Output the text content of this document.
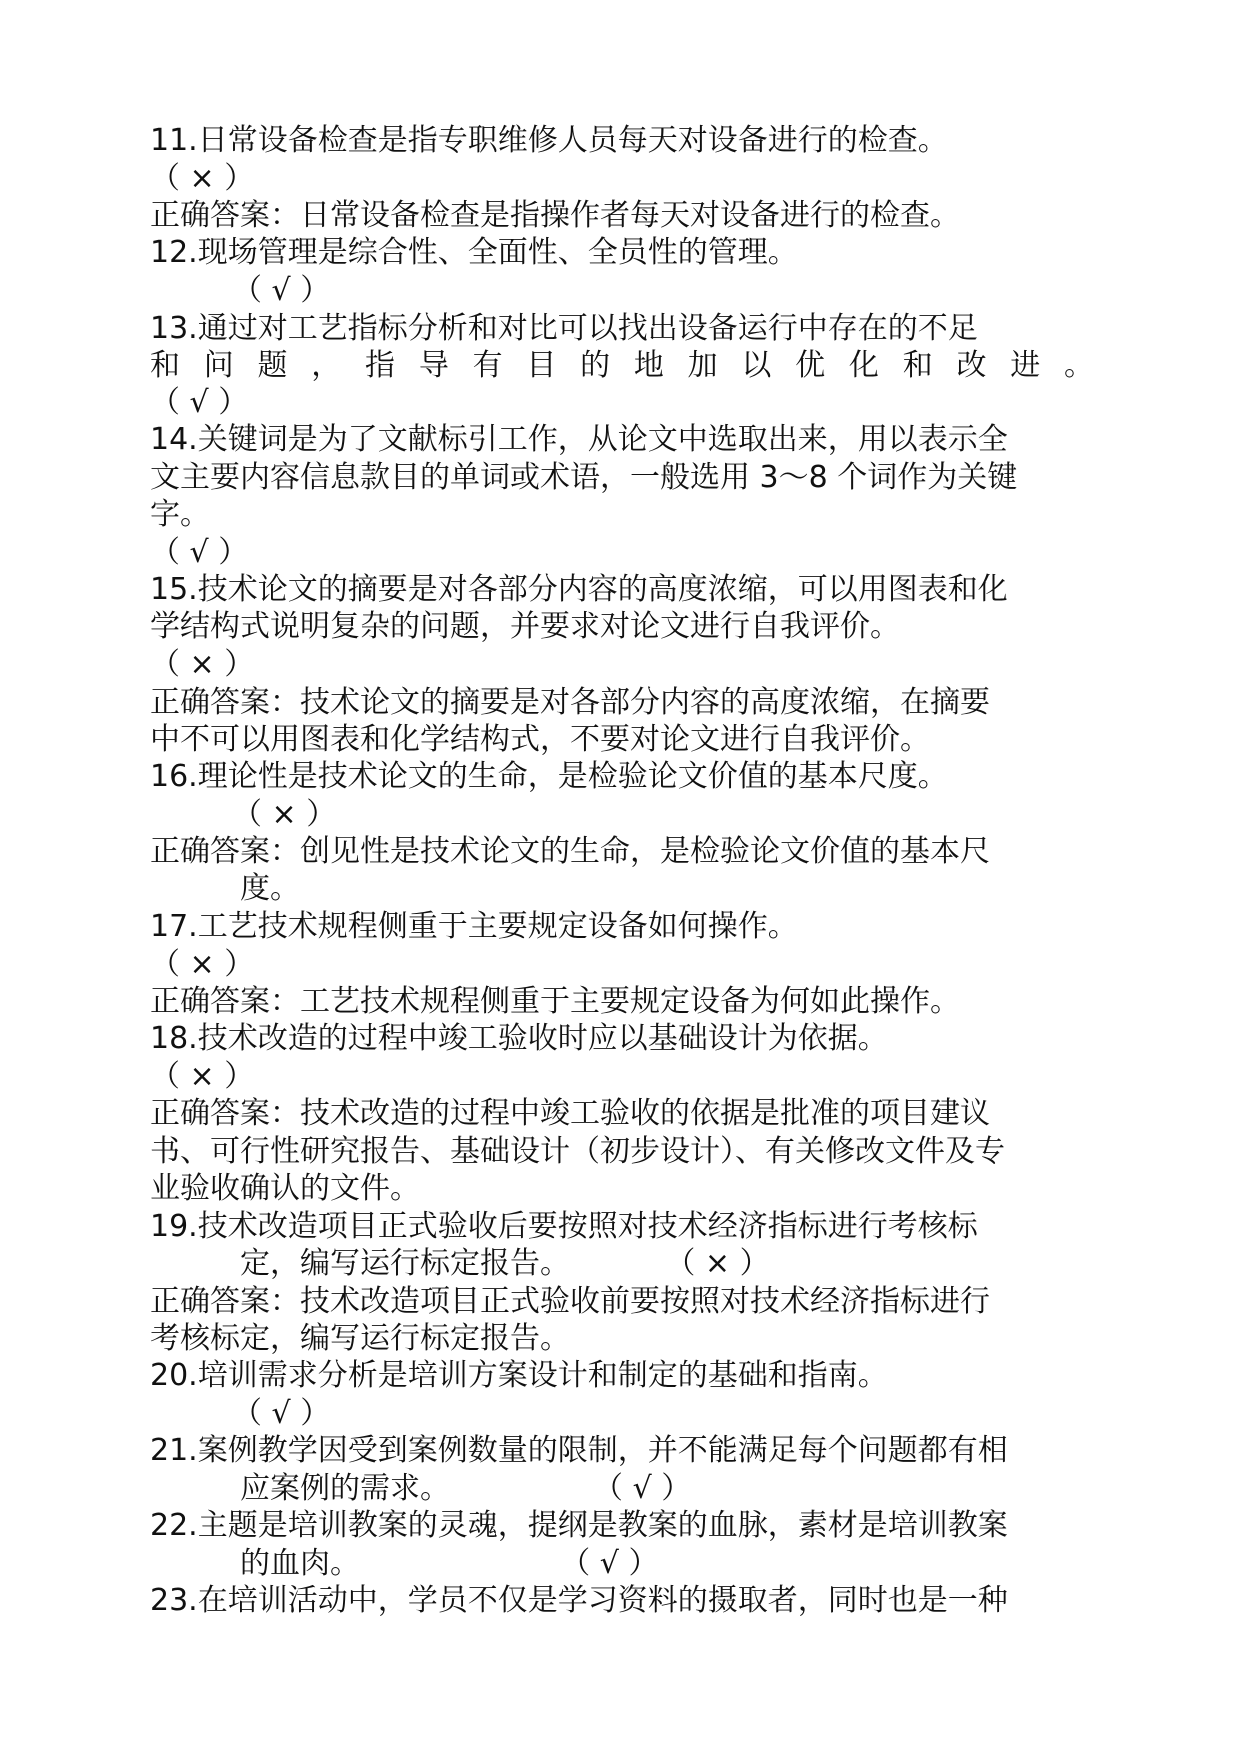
11.日常设备检查是指专职维修人员每天对设备进行的检查。
（ × ）
正确答案：日常设备检查是指操作者每天对设备进行的检查。
12.现场管理是综合性、全面性、全员性的管理。
（ √ ）
13.通过对工艺指标分析和对比可以找出设备运行中存在的不足
和 问 题 ， 指 导 有 目 的 地 加 以 优 化 和 改 进 。
（ √ ）
14.关键词是为了文献标引工作，从论文中选取出来，用以表示全
文主要内容信息款目的单词或术语，一般选用 3～8 个词作为关键
字。
（ √ ）
15.技术论文的摘要是对各部分内容的高度浓缩，可以用图表和化
学结构式说明复杂的问题，并要求对论文进行自我评价。
（ × ）
正确答案：技术论文的摘要是对各部分内容的高度浓缩，在摘要
中不可以用图表和化学结构式，不要对论文进行自我评价。
16.理论性是技术论文的生命，是检验论文价值的基本尺度。
（ × ）
正确答案：创见性是技术论文的生命，是检验论文价值的基本尺
度。
17.工艺技术规程侧重于主要规定设备如何操作。
（ × ）
正确答案：工艺技术规程侧重于主要规定设备为何如此操作。
18.技术改造的过程中竣工验收时应以基础设计为依据。
（ × ）
正确答案：技术改造的过程中竣工验收的依据是批准的项目建议
书、可行性研究报告、基础设计（初步设计）、有关修改文件及专
业验收确认的文件。
19.技术改造项目正式验收后要按照对技术经济指标进行考核标
定，编写运行标定报告。          （ × ）
正确答案：技术改造项目正式验收前要按照对技术经济指标进行
考核标定，编写运行标定报告。
20.培训需求分析是培训方案设计和制定的基础和指南。
（ √ ）
21.案例教学因受到案例数量的限制，并不能满足每个问题都有相
应案例的需求。               （ √ ）
22.主题是培训教案的灵魂，提纲是教案的血脉，素材是培训教案
的血肉。                     （ √ ）
23.在培训活动中，学员不仅是学习资料的摄取者，同时也是一种
